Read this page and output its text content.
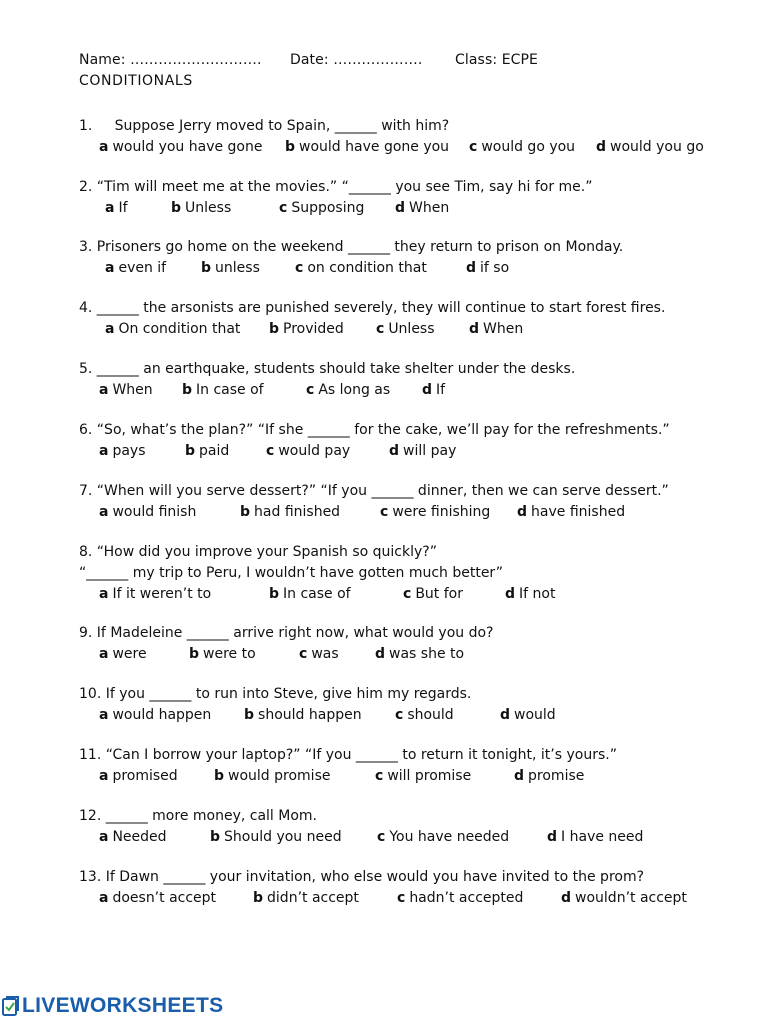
Name: ………………………. Date: ………………. Class: ECPE
CONDITIONALS
1.     Suppose Jerry moved to Spain, ______ with him?
a would you have gone b would have gone you c would go you d would you go
2. “Tim will meet me at the movies.” “______ you see Tim, say hi for me.”
a If	b Unless	c Supposing d When
3. Prisoners go home on the weekend ______ they return to prison on Monday.
a even if b unless	c on condition that	d if so
4. ______ the arsonists are punished severely, they will continue to start forest fires.
a On condition that b Provided c Unless d When
5. ______ an earthquake, students should take shelter under the desks.
a When b In case of	c As long as d If
6. “So, what’s the plan?” “If she ______ for the cake, we’ll pay for the refreshments.”
a pays	b paid	c would pay	d will pay
7. “When will you serve dessert?” “If you ______ dinner, then we can serve dessert.”
a would finish	b had finished	c were finishing d have finished
8. “How did you improve your Spanish so quickly?”
“______ my trip to Peru, I wouldn’t have gotten much better”
a If it weren’t to	b In case of	c But for	d If not
9. If Madeleine ______ arrive right now, what would you do?
a were	b were to	c was	d was she to
10. If you ______ to run into Steve, give him my regards.
a would happen b should happen c should	d would
11. “Can I borrow your laptop?” “If you ______ to return it tonight, it’s yours.”
a promised	b would promise	c will promise	d promise
12. ______ more money, call Mom.
a Needed	b Should you need	c You have needed	d I have need
13. If Dawn ______ your invitation, who else would you have invited to the prom?
a doesn’t accept	b didn’t accept	c hadn’t accepted	d wouldn’t accept
LIVEWORKSHEETS
